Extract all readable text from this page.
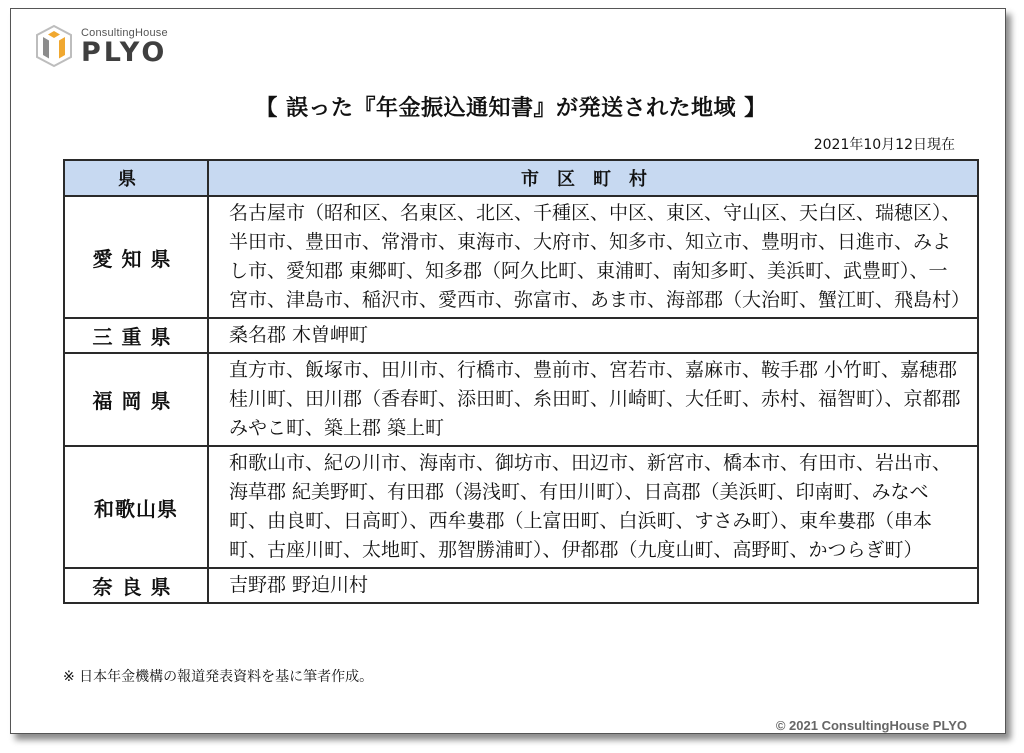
ConsultingHouse
PLYO
【 誤った『年金振込通知書』が発送された地域 】
2021年10月12日現在
県	市区町村
愛知県	名古屋市（昭和区、名東区、北区、千種区、中区、東区、守山区、天白区、瑞穂区）、半田市、豊田市、常滑市、東海市、大府市、知多市、知立市、豊明市、日進市、みよし市、愛知郡 東郷町、知多郡（阿久比町、東浦町、南知多町、美浜町、武豊町）、一宮市、津島市、稲沢市、愛西市、弥富市、あま市、海部郡（大治町、蟹江町、飛島村）
三重県	桑名郡 木曽岬町
福岡県	直方市、飯塚市、田川市、行橋市、豊前市、宮若市、嘉麻市、鞍手郡 小竹町、嘉穂郡 桂川町、田川郡（香春町、添田町、糸田町、川崎町、大任町、赤村、福智町）、京都郡 みやこ町、築上郡 築上町
和歌山県	和歌山市、紀の川市、海南市、御坊市、田辺市、新宮市、橋本市、有田市、岩出市、海草郡 紀美野町、有田郡（湯浅町、有田川町）、日高郡（美浜町、印南町、みなべ町、由良町、日高町）、西牟婁郡（上富田町、白浜町、すさみ町）、東牟婁郡（串本町、古座川町、太地町、那智勝浦町）、伊都郡（九度山町、高野町、かつらぎ町）
奈良県	吉野郡 野迫川村
※ 日本年金機構の報道発表資料を基に筆者作成。
© 2021 ConsultingHouse PLYO
